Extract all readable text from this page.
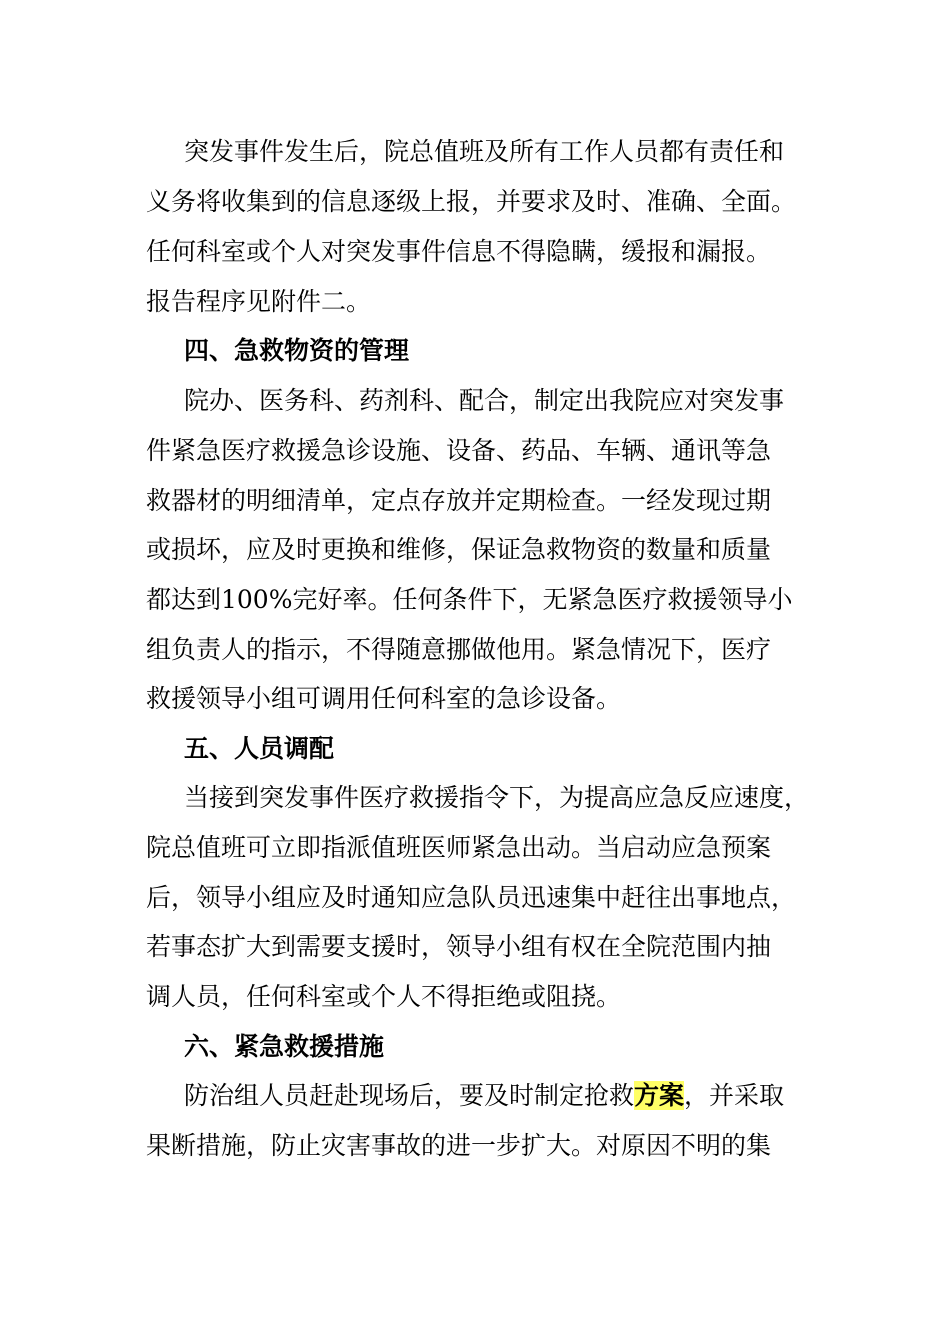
突发事件发生后，院总值班及所有工作人员都有责任和
义务将收集到的信息逐级上报，并要求及时、准确、全面。
任何科室或个人对突发事件信息不得隐瞒，缓报和漏报。
报告程序见附件二。
四、急救物资的管理
院办、医务科、药剂科、配合，制定出我院应对突发事
件紧急医疗救援急诊设施、设备、药品、车辆、通讯等急
救器材的明细清单，定点存放并定期检查。一经发现过期
或损坏，应及时更换和维修，保证急救物资的数量和质量
都达到100%完好率。任何条件下，无紧急医疗救援领导小
组负责人的指示，不得随意挪做他用。紧急情况下，医疗
救援领导小组可调用任何科室的急诊设备。
五、人员调配
当接到突发事件医疗救援指令下，为提高应急反应速度，
院总值班可立即指派值班医师紧急出动。当启动应急预案
后，领导小组应及时通知应急队员迅速集中赶往出事地点，
若事态扩大到需要支援时，领导小组有权在全院范围内抽
调人员，任何科室或个人不得拒绝或阻挠。
六、紧急救援措施
防治组人员赶赴现场后，要及时制定抢救方案，并采取
果断措施，防止灾害事故的进一步扩大。对原因不明的集
